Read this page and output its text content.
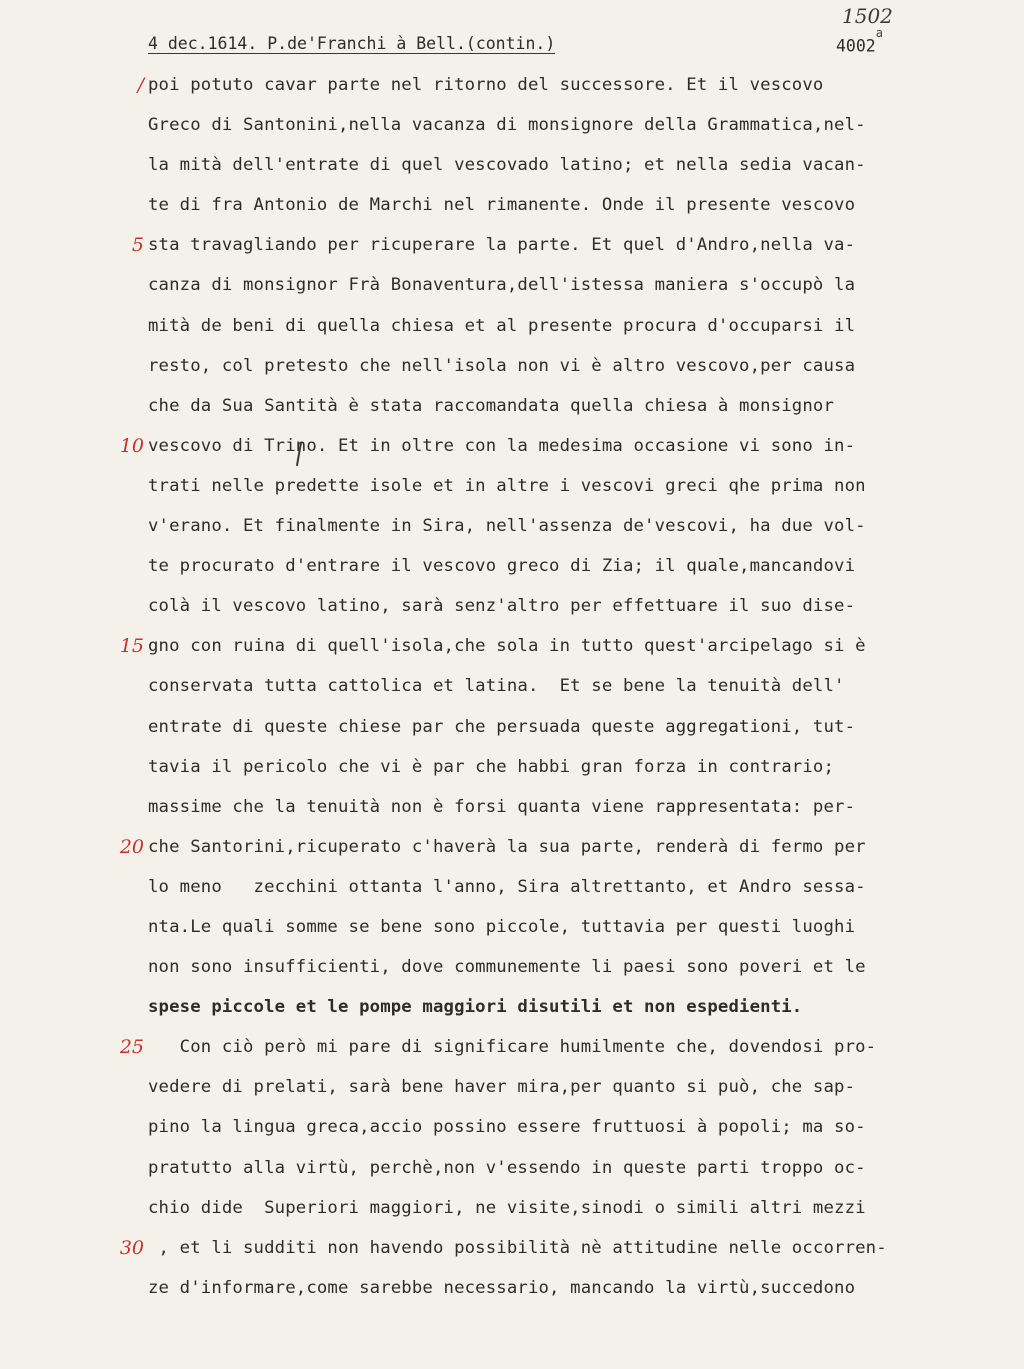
4 dec.1614. P.de'Franchi à Bell.(contin.)	4002$^a$
1502
/
5
10
15
20
25
30
poi potuto cavar parte nel ritorno del successore. Et il vescovo
Greco di Santonini,nella vacanza di monsignore della Grammatica,nel-
la mità dell'entrate di quel vescovado latino; et nella sedia vacan-
te di fra Antonio de Marchi nel rimanente. Onde il presente vescovo
sta travagliando per ricuperare la parte. Et quel d'Andro,nella va-
canza di monsignor Frà Bonaventura,dell'istessa maniera s'occupò la
mità de beni di quella chiesa et al presente procura d'occuparsi il
resto, col pretesto che nell'isola non vi è altro vescovo,per causa
che da Sua Santità è stata raccomandata quella chiesa à monsignor
vescovo di Trino. Et in oltre con la medesima occasione vi sono in-
trati nelle predette isole et in altre i vescovi greci qhe prima non
v'erano. Et finalmente in Sira, nell'assenza de'vescovi, ha due vol-
te procurato d'entrare il vescovo greco di Zia; il quale,mancandovi
colà il vescovo latino, sarà senz'altro per effettuare il suo dise-
gno con ruina di quell'isola,che sola in tutto quest'arcipelago si è
conservata tutta cattolica et latina.  Et se bene la tenuità dell'
entrate di queste chiese par che persuada queste aggregationi, tut-
tavia il pericolo che vi è par che habbi gran forza in contrario;
massime che la tenuità non è forsi quanta viene rappresentata: per-
che Santorini,ricuperato c'haverà la sua parte, renderà di fermo per
lo meno   zecchini ottanta l'anno, Sira altrettanto, et Andro sessa-
nta.Le quali somme se bene sono piccole, tuttavia per questi luoghi
non sono insufficienti, dove communemente li paesi sono poveri et le
spese piccole et le pompe maggiori disutili et non espedienti.
Con ciò però mi pare di significare humilmente che, dovendosi pro-
vedere di prelati, sarà bene haver mira,per quanto si può, che sap-
pino la lingua greca,accio possino essere fruttuosi à popoli; ma so-
pratutto alla virtù, perchè,non v'essendo in queste parti troppo oc-
chio dide  Superiori maggiori, ne visite,sinodi o simili altri mezzi
, et li sudditi non havendo possibilità nè attitudine nelle occorren-
ze d'informare,come sarebbe necessario, mancando la virtù,succedono
